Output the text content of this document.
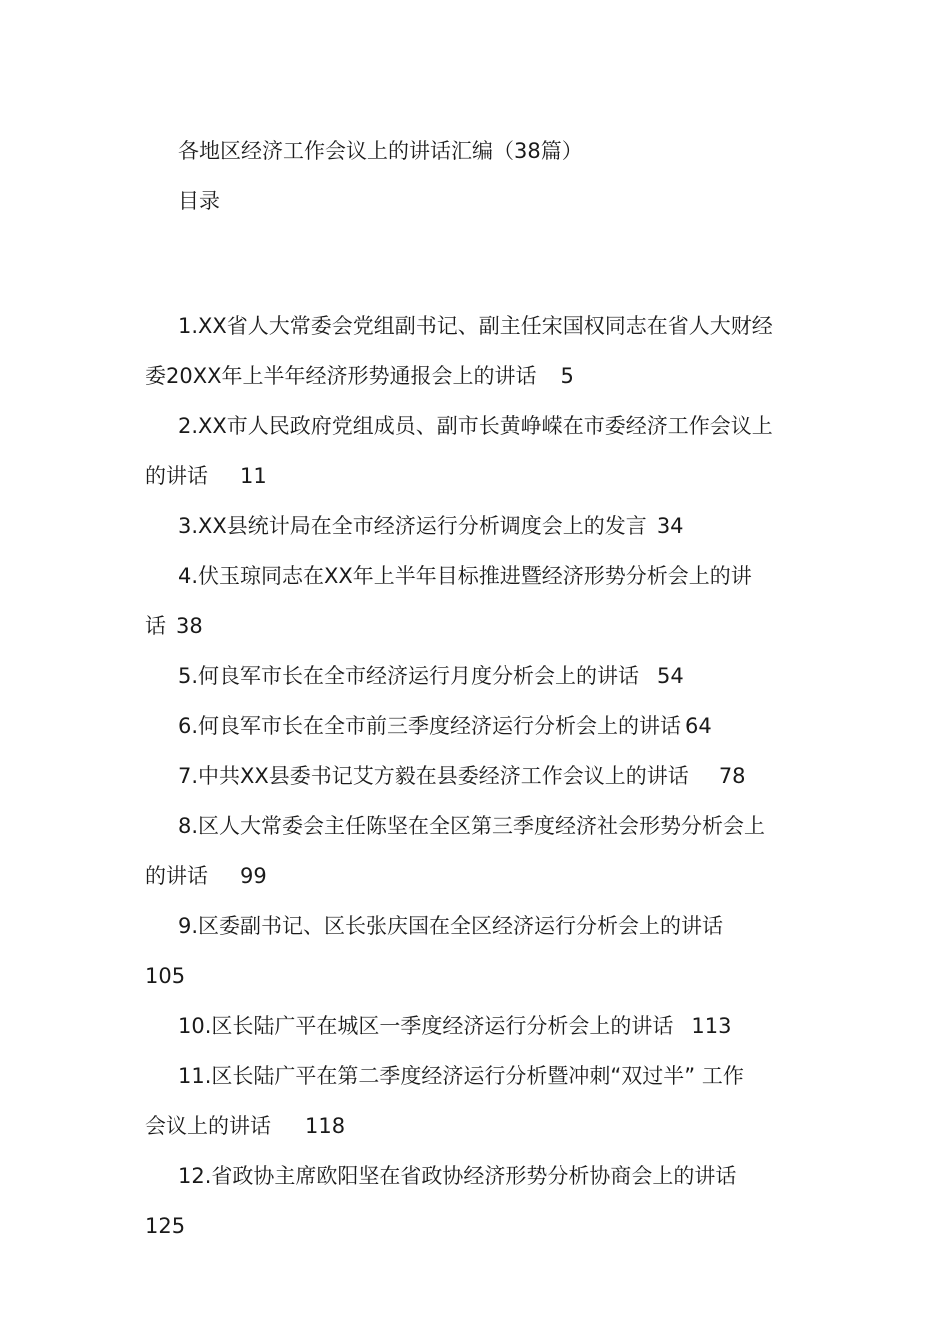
各地区经济工作会议上的讲话汇编（38篇）
目录
1.XX省人大常委会党组副书记、副主任宋国权同志在省人大财经
委20XX年上半年经济形势通报会上的讲话 5
2.XX市人民政府党组成员、副市长黄峥嵘在市委经济工作会议上
的讲话 11
3.XX县统计局在全市经济运行分析调度会上的发言 34
4.伏玉琼同志在XX年上半年目标推进暨经济形势分析会上的讲
话 38
5.何良军市长在全市经济运行月度分析会上的讲话 54
6.何良军市长在全市前三季度经济运行分析会上的讲话 64
7.中共XX县委书记艾方毅在县委经济工作会议上的讲话 78
8.区人大常委会主任陈坚在全区第三季度经济社会形势分析会上
的讲话 99
9.区委副书记、区长张庆国在全区经济运行分析会上的讲话
105
10.区长陆广平在城区一季度经济运行分析会上的讲话 113
11.区长陆广平在第二季度经济运行分析暨冲刺“双过半” 工作
会议上的讲话 118
12.省政协主席欧阳坚在省政协经济形势分析协商会上的讲话
125
